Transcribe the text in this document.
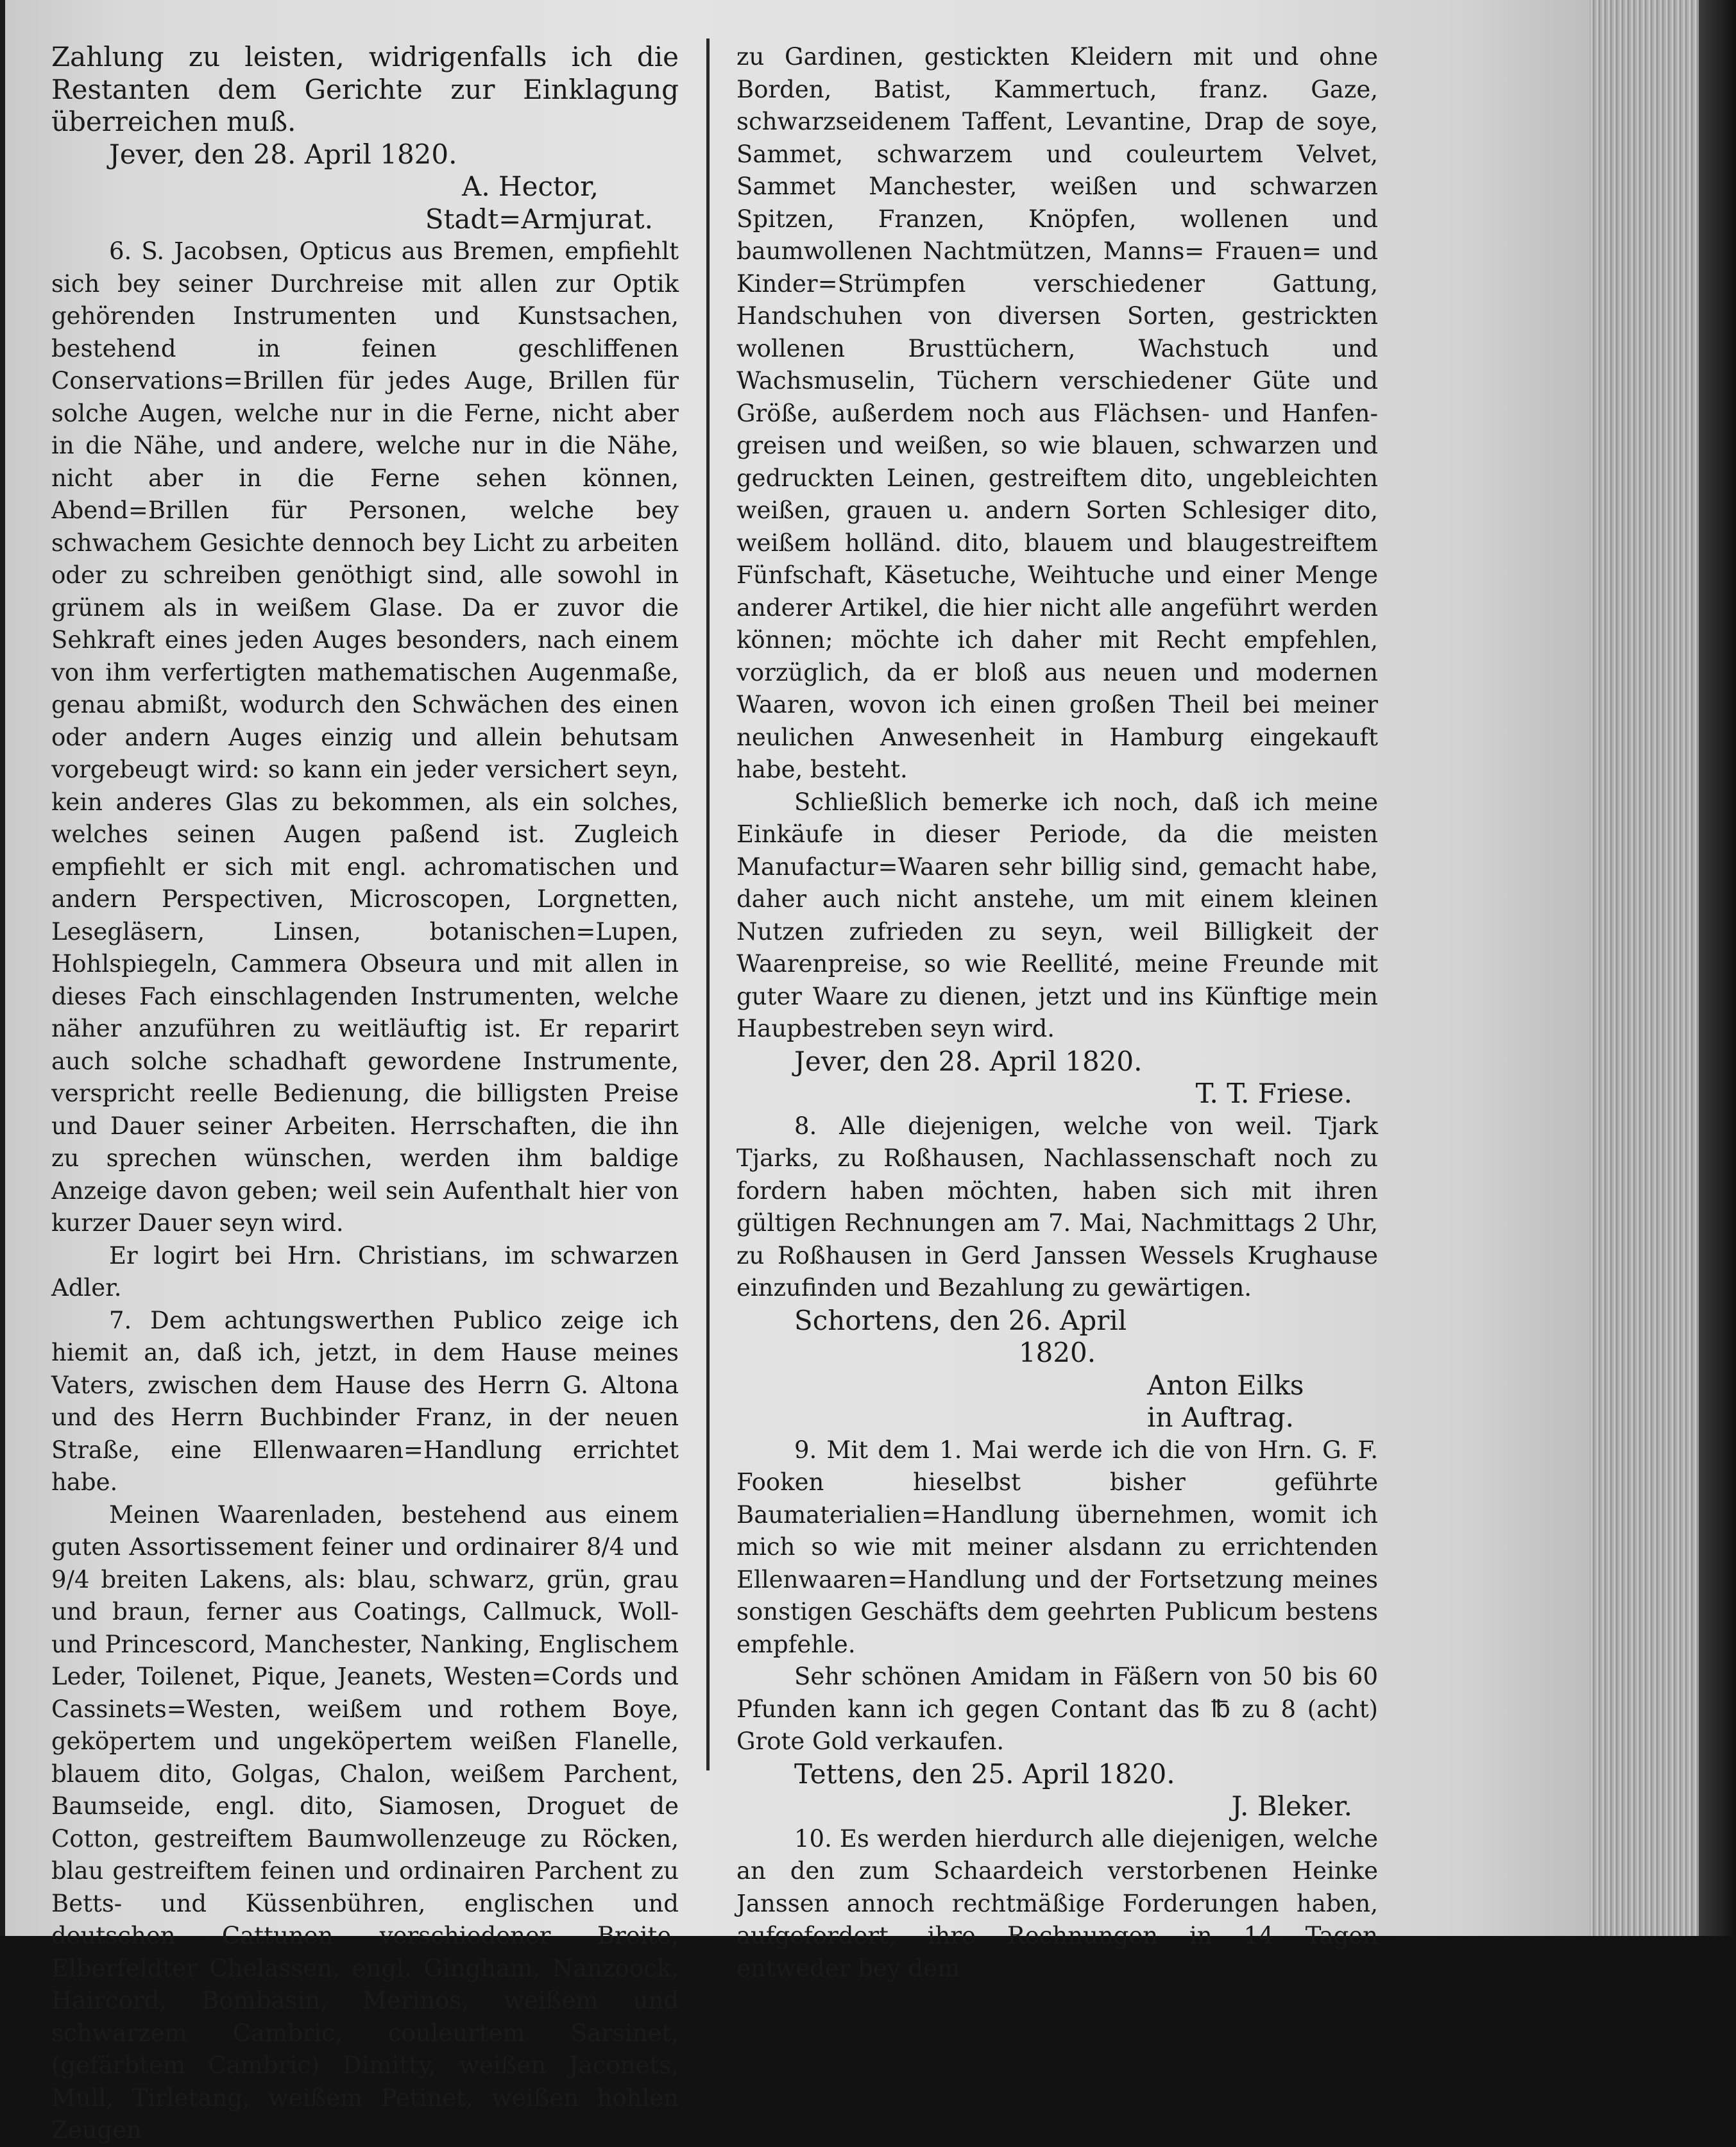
Zahlung zu leisten, widrigenfalls ich die Restanten dem Gerichte zur Einklagung überreichen muß.

Jever, den 28. April 1820.

A. Hector,

Stadt=Armjurat.

6. S. Jacobsen, Opticus aus Bremen, empfiehlt sich bey seiner Durchreise mit allen zur Optik gehörenden Instrumenten und Kunstsachen, bestehend in feinen geschliffenen Conservations=Brillen für jedes Auge, Brillen für solche Augen, welche nur in die Ferne, nicht aber in die Nähe, und andere, welche nur in die Nähe, nicht aber in die Ferne sehen können, Abend=Brillen für Personen, welche bey schwachem Gesichte dennoch bey Licht zu arbeiten oder zu schreiben genöthigt sind, alle sowohl in grünem als in weißem Glase. Da er zuvor die Sehkraft eines jeden Auges besonders, nach einem von ihm verfertigten mathematischen Augenmaße, genau abmißt, wodurch den Schwächen des einen oder andern Auges einzig und allein behutsam vorgebeugt wird: so kann ein jeder versichert seyn, kein anderes Glas zu bekommen, als ein solches, welches seinen Augen paßend ist. Zugleich empfiehlt er sich mit engl. achromatischen und andern Perspectiven, Microscopen, Lorgnetten, Lesegläsern, Linsen, botanischen=Lupen, Hohlspiegeln, Cammera Obseura und mit allen in dieses Fach einschlagenden Instrumenten, welche näher anzuführen zu weitläuftig ist. Er reparirt auch solche schadhaft gewordene Instrumente, verspricht reelle Bedienung, die billigsten Preise und Dauer seiner Arbeiten. Herrschaften, die ihn zu sprechen wünschen, werden ihm baldige Anzeige davon geben; weil sein Aufenthalt hier von kurzer Dauer seyn wird.

Er logirt bei Hrn. Christians, im schwarzen Adler.

7. Dem achtungswerthen Publico zeige ich hiemit an, daß ich, jetzt, in dem Hause meines Vaters, zwischen dem Hause des Herrn G. Altona und des Herrn Buchbinder Franz, in der neuen Straße, eine Ellenwaaren=Handlung errichtet habe.

Meinen Waarenladen, bestehend aus einem guten Assortissement feiner und ordinairer 8/4 und 9/4 breiten Lakens, als: blau, schwarz, grün, grau und braun, ferner aus Coatings, Callmuck, Woll- und Princescord, Manchester, Nanking, Englischem Leder, Toilenet, Pique, Jeanets, Westen=Cords und Cassinets=Westen, weißem und rothem Boye, geköpertem und ungeköpertem weißen Flanelle, blauem dito, Golgas, Chalon, weißem Parchent, Baumseide, engl. dito, Siamosen, Droguet de Cotton, gestreiftem Baumwollenzeuge zu Röcken, blau gestreiftem feinen und ordinairen Parchent zu Betts- und Küssenbühren, englischen und deutschen Cattunen verschiedener Breite, Elberfeldter Chelassen, engl. Gingham, Nanzoock, Haircord, Bombasin, Merinos, weißem und schwarzem Cambric, couleurtem Sarsinet, (gefärbtem Cambric) Dimitty, weißen Jaconets, Mull, Tirletang, weißem Petinet, weißen hohlen Zeugen

zu Gardinen, gestickten Kleidern mit und ohne Borden, Batist, Kammertuch, franz. Gaze, schwarzseidenem Taffent, Levantine, Drap de soye, Sammet, schwarzem und couleurtem Velvet, Sammet Manchester, weißen und schwarzen Spitzen, Franzen, Knöpfen, wollenen und baumwollenen Nachtmützen, Manns= Frauen= und Kinder=Strümpfen verschiedener Gattung, Handschuhen von diversen Sorten, gestrickten wollenen Brusttüchern, Wachstuch und Wachsmuselin, Tüchern verschiedener Güte und Größe, außerdem noch aus Flächsen- und Hanfen- greisen und weißen, so wie blauen, schwarzen und gedruckten Leinen, gestreiftem dito, ungebleichten weißen, grauen u. andern Sorten Schlesiger dito, weißem holländ. dito, blauem und blaugestreiftem Fünfschaft, Käsetuche, Weihtuche und einer Menge anderer Artikel, die hier nicht alle angeführt werden können; möchte ich daher mit Recht empfehlen, vorzüglich, da er bloß aus neuen und modernen Waaren, wovon ich einen großen Theil bei meiner neulichen Anwesenheit in Hamburg eingekauft habe, besteht.

Schließlich bemerke ich noch, daß ich meine Einkäufe in dieser Periode, da die meisten Manufactur=Waaren sehr billig sind, gemacht habe, daher auch nicht anstehe, um mit einem kleinen Nutzen zufrieden zu seyn, weil Billigkeit der Waarenpreise, so wie Reellité, meine Freunde mit guter Waare zu dienen, jetzt und ins Künftige mein Haupbestreben seyn wird.

Jever, den 28. April 1820.

T. T. Friese.

8. Alle diejenigen, welche von weil. Tjark Tjarks, zu Roßhausen, Nachlassenschaft noch zu fordern haben möchten, haben sich mit ihren gültigen Rechnungen am 7. Mai, Nachmittags 2 Uhr, zu Roßhausen in Gerd Janssen Wessels Krughause einzufinden und Bezahlung zu gewärtigen.

Schortens, den 26. April

1820.

Anton Eilks

in Auftrag.

9. Mit dem 1. Mai werde ich die von Hrn. G. F. Fooken hieselbst bisher geführte Baumaterialien=Handlung übernehmen, womit ich mich so wie mit meiner alsdann zu errichtenden Ellenwaaren=Handlung und der Fortsetzung meines sonstigen Geschäfts dem geehrten Publicum bestens empfehle.

Sehr schönen Amidam in Fäßern von 50 bis 60 Pfunden kann ich gegen Contant das ℔ zu 8 (acht) Grote Gold verkaufen.

Tettens, den 25. April 1820.

J. Bleker.

10. Es werden hierdurch alle diejenigen, welche an den zum Schaardeich verstorbenen Heinke Janssen annoch rechtmäßige Forderungen haben, aufgefordert, ihre Rechnungen in 14 Tagen entweder bey dem
